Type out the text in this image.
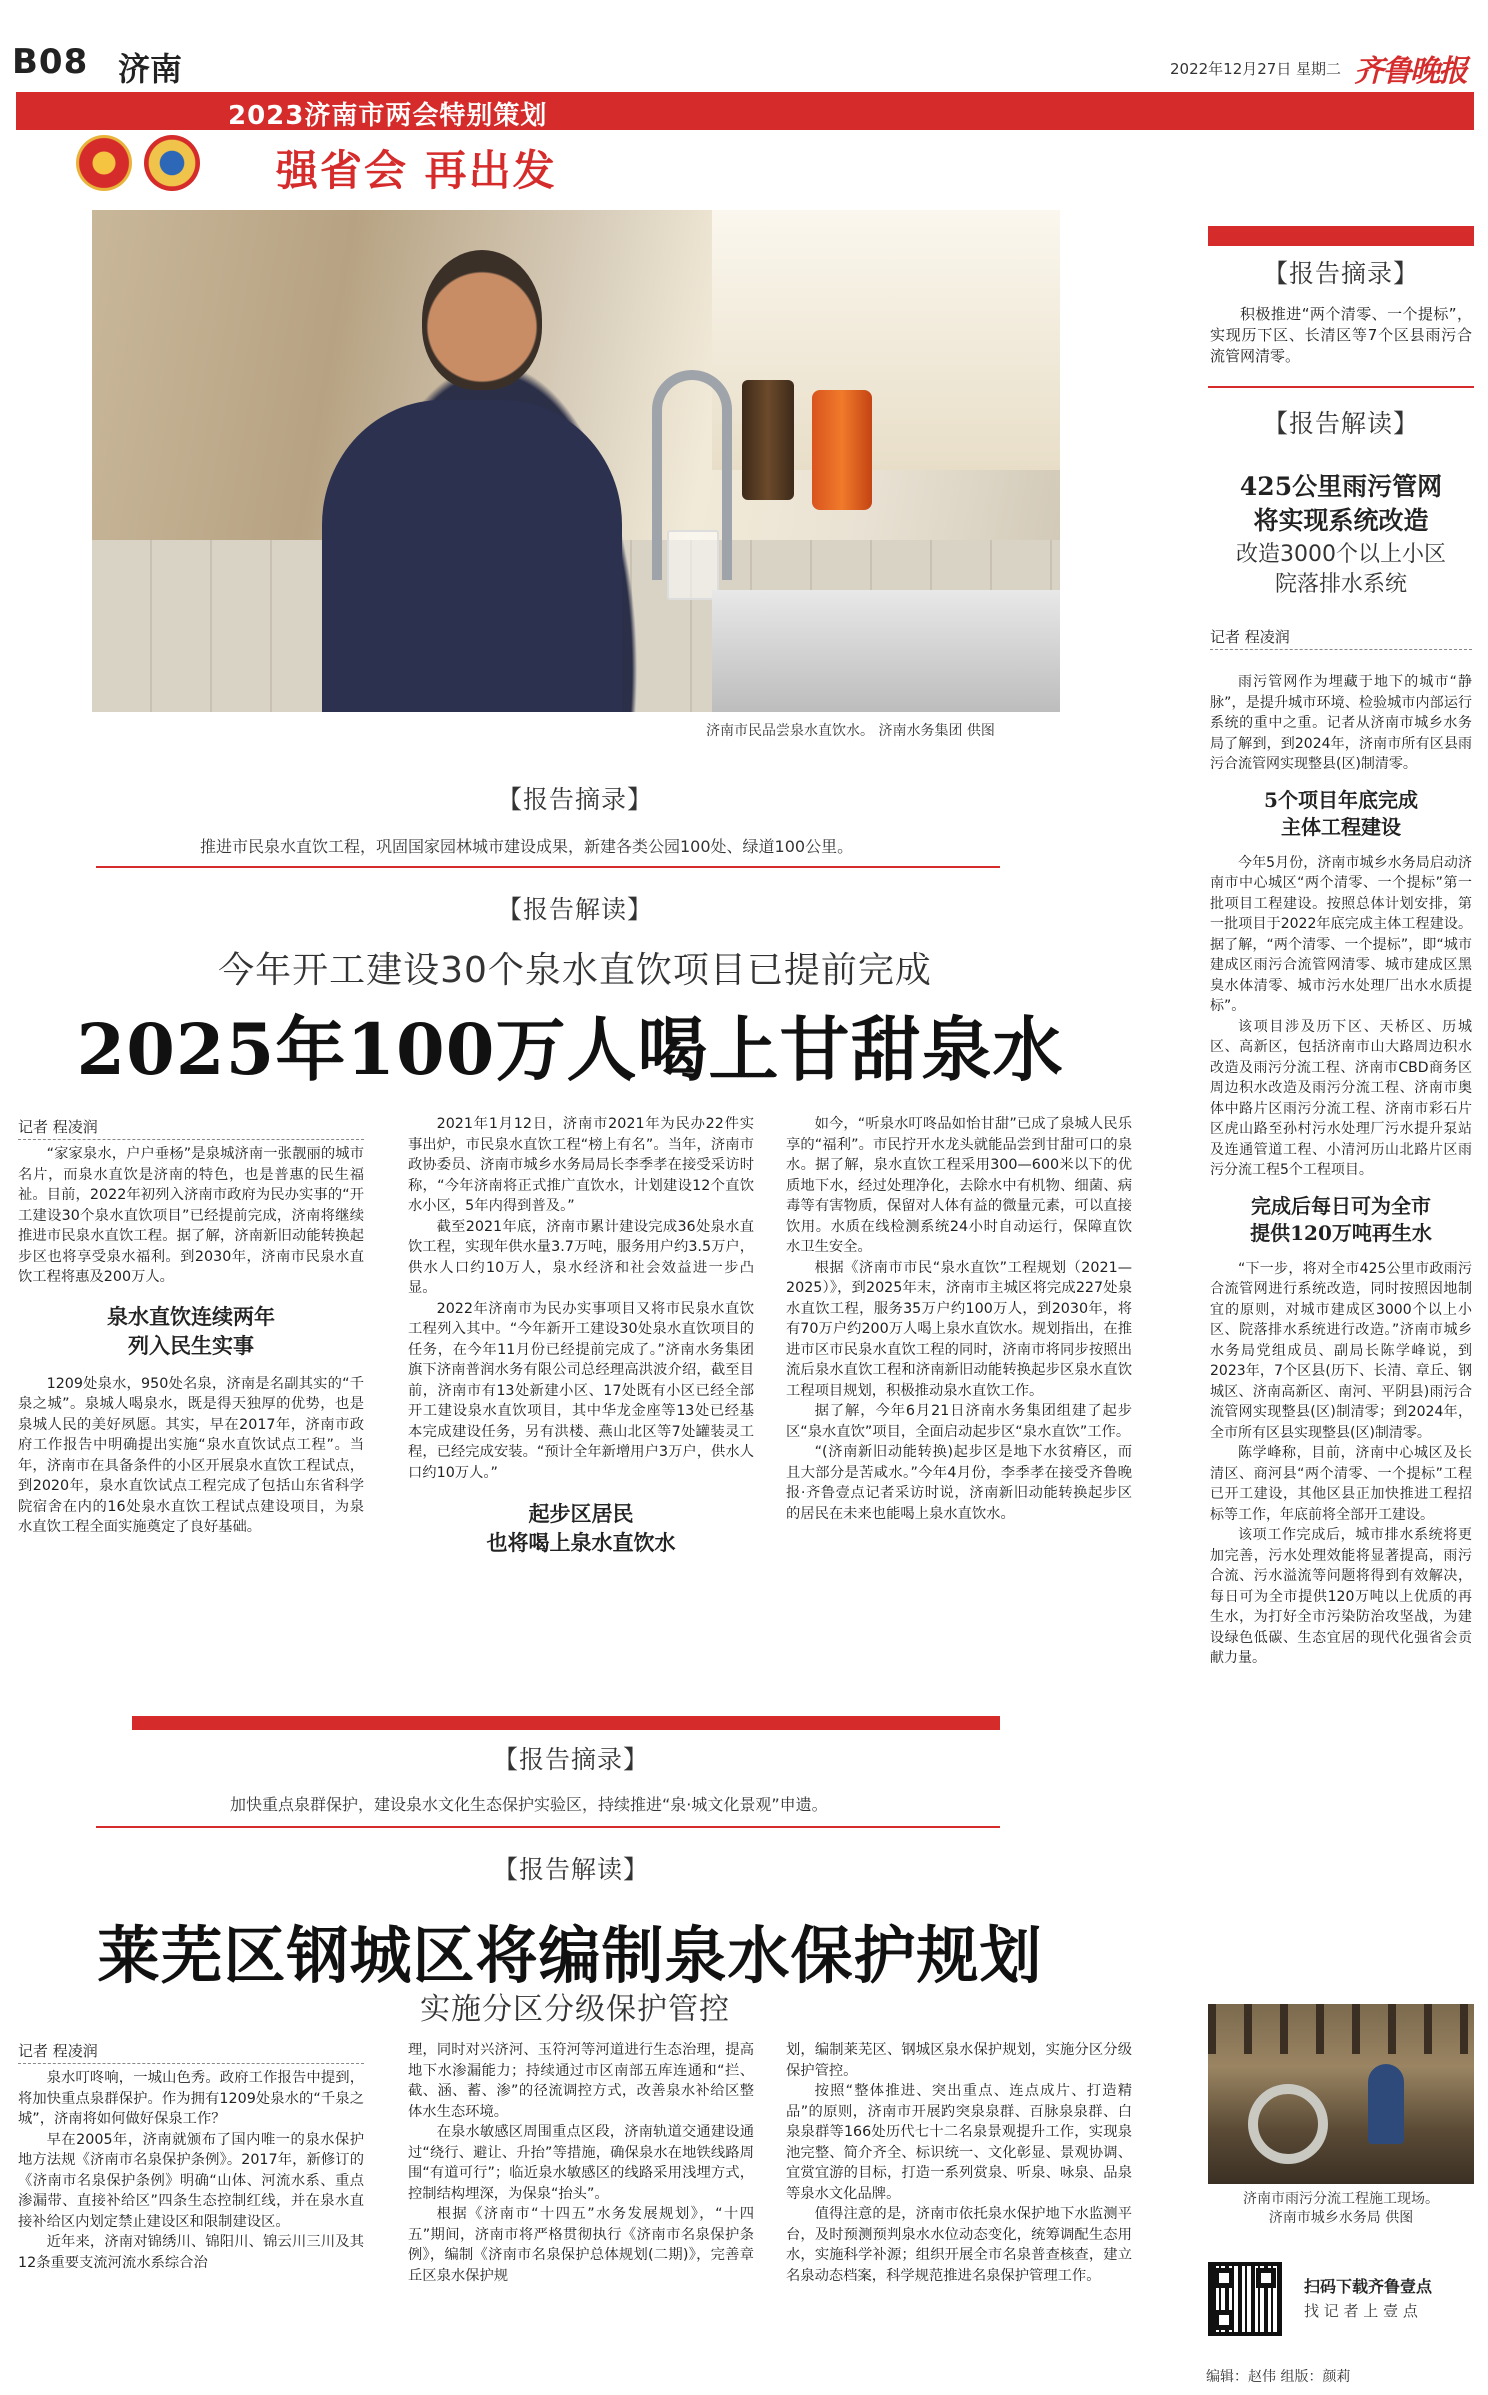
B08 济南	2022年12月27日 星期二 齐鲁晚报
2023济南市两会特别策划
强省会 再出发
济南市民品尝泉水直饮水。 济南水务集团 供图
【报告摘录】
推进市民泉水直饮工程，巩固国家园林城市建设成果，新建各类公园100处、绿道100公里。
【报告解读】
今年开工建设30个泉水直饮项目已提前完成
2025年100万人喝上甘甜泉水
记者 程凌润

“家家泉水，户户垂杨”是泉城济南一张靓丽的城市名片，而泉水直饮是济南的特色，也是普惠的民生福祉。目前，2022年初列入济南市政府为民办实事的“开工建设30个泉水直饮项目”已经提前完成，济南将继续推进市民泉水直饮工程。据了解，济南新旧动能转换起步区也将享受泉水福利。到2030年，济南市民泉水直饮工程将惠及200万人。

泉水直饮连续两年
列入民生实事

1209处泉水，950处名泉，济南是名副其实的“千泉之城”。泉城人喝泉水，既是得天独厚的优势，也是泉城人民的美好夙愿。其实，早在2017年，济南市政府工作报告中明确提出实施“泉水直饮试点工程”。当年，济南市在具备条件的小区开展泉水直饮工程试点，到2020年，泉水直饮试点工程完成了包括山东省科学院宿舍在内的16处泉水直饮工程试点建设项目，为泉水直饮工程全面实施奠定了良好基础。

2021年1月12日，济南市2021年为民办22件实事出炉，市民泉水直饮工程“榜上有名”。当年，济南市政协委员、济南市城乡水务局局长李季孝在接受采访时称，“今年济南将正式推广直饮水，计划建设12个直饮水小区，5年内得到普及。”

截至2021年底，济南市累计建设完成36处泉水直饮工程，实现年供水量3.7万吨，服务用户约3.5万户，供水人口约10万人，泉水经济和社会效益进一步凸显。

2022年济南市为民办实事项目又将市民泉水直饮工程列入其中。“今年新开工建设30处泉水直饮项目的任务，在今年11月份已经提前完成了。”济南水务集团旗下济南普润水务有限公司总经理高洪波介绍，截至目前，济南市有13处新建小区、17处既有小区已经全部开工建设泉水直饮项目，其中华龙金座等13处已经基本完成建设任务，另有洪楼、燕山北区等7处罐装灵工程，已经完成安装。“预计全年新增用户3万户，供水人口约10万人。”

起步区居民
也将喝上泉水直饮水

如今，“听泉水叮咚品如怡甘甜”已成了泉城人民乐享的“福利”。市民拧开水龙头就能品尝到甘甜可口的泉水。据了解，泉水直饮工程采用300—600米以下的优质地下水，经过处理净化，去除水中有机物、细菌、病毒等有害物质，保留对人体有益的微量元素，可以直接饮用。水质在线检测系统24小时自动运行，保障直饮水卫生安全。

根据《济南市市民“泉水直饮”工程规划（2021—2025）》，到2025年末，济南市主城区将完成227处泉水直饮工程，服务35万户约100万人，到2030年，将有70万户约200万人喝上泉水直饮水。规划指出，在推进市区市民泉水直饮工程的同时，济南市将同步按照出流后泉水直饮工程和济南新旧动能转换起步区泉水直饮工程项目规划，积极推动泉水直饮工作。

据了解，今年6月21日济南水务集团组建了起步区“泉水直饮”项目，全面启动起步区“泉水直饮”工作。

“(济南新旧动能转换)起步区是地下水贫瘠区，而且大部分是苦咸水。”今年4月份，李季孝在接受齐鲁晚报·齐鲁壹点记者采访时说，济南新旧动能转换起步区的居民在未来也能喝上泉水直饮水。

【报告摘录】
加快重点泉群保护，建设泉水文化生态保护实验区，持续推进“泉·城文化景观”申遗。
【报告解读】
莱芜区钢城区将编制泉水保护规划
实施分区分级保护管控
记者 程凌润

泉水叮咚响，一城山色秀。政府工作报告中提到，将加快重点泉群保护。作为拥有1209处泉水的“千泉之城”，济南将如何做好保泉工作？

早在2005年，济南就颁布了国内唯一的泉水保护地方法规《济南市名泉保护条例》。2017年，新修订的《济南市名泉保护条例》明确“山体、河流水系、重点渗漏带、直接补给区”四条生态控制红线，并在泉水直接补给区内划定禁止建设区和限制建设区。

近年来，济南对锦绣川、锦阳川、锦云川三川及其12条重要支流河流水系综合治

理，同时对兴济河、玉符河等河道进行生态治理，提高地下水渗漏能力；持续通过市区南部五库连通和“拦、截、涵、蓄、渗”的径流调控方式，改善泉水补给区整体水生态环境。

在泉水敏感区周围重点区段，济南轨道交通建设通过“绕行、避让、升抬”等措施，确保泉水在地铁线路周围“有道可行”；临近泉水敏感区的线路采用浅埋方式，控制结构埋深，为保泉“抬头”。

根据《济南市“十四五”水务发展规划》，“十四五”期间，济南市将严格贯彻执行《济南市名泉保护条例》，编制《济南市名泉保护总体规划(二期)》，完善章丘区泉水保护规

划，编制莱芜区、钢城区泉水保护规划，实施分区分级保护管控。

按照“整体推进、突出重点、连点成片、打造精品”的原则，济南市开展趵突泉泉群、百脉泉泉群、白泉泉群等166处历代七十二名泉景观提升工作，实现泉池完整、简介齐全、标识统一、文化彰显、景观协调、宜赏宜游的目标，打造一系列赏泉、听泉、咏泉、品泉等泉水文化品牌。

值得注意的是，济南市依托泉水保护地下水监测平台，及时预测预判泉水水位动态变化，统筹调配生态用水，实施科学补源；组织开展全市名泉普查核查，建立名泉动态档案，科学规范推进名泉保护管理工作。

【报告摘录】

积极推进“两个清零、一个提标”，实现历下区、长清区等7个区县雨污合流管网清零。

【报告解读】
425公里雨污管网
将实现系统改造
改造3000个以上小区
院落排水系统
记者 程凌润

雨污管网作为埋藏于地下的城市“静脉”，是提升城市环境、检验城市内部运行系统的重中之重。记者从济南市城乡水务局了解到，到2024年，济南市所有区县雨污合流管网实现整县(区)制清零。

5个项目年底完成
主体工程建设

今年5月份，济南市城乡水务局启动济南市中心城区“两个清零、一个提标”第一批项目工程建设。按照总体计划安排，第一批项目于2022年底完成主体工程建设。据了解，“两个清零、一个提标”，即“城市建成区雨污合流管网清零、城市建成区黑臭水体清零、城市污水处理厂出水水质提标”。

该项目涉及历下区、天桥区、历城区、高新区，包括济南市山大路周边积水改造及雨污分流工程、济南市CBD商务区周边积水改造及雨污分流工程、济南市奥体中路片区雨污分流工程、济南市彩石片区虎山路至孙村污水处理厂污水提升泵站及连通管道工程、小清河历山北路片区雨污分流工程5个工程项目。

完成后每日可为全市
提供120万吨再生水

“下一步，将对全市425公里市政雨污合流管网进行系统改造，同时按照因地制宜的原则，对城市建成区3000个以上小区、院落排水系统进行改造。”济南市城乡水务局党组成员、副局长陈学峰说，到2023年，7个区县(历下、长清、章丘、钢城区、济南高新区、南河、平阴县)雨污合流管网实现整县(区)制清零；到2024年，全市所有区县实现整县(区)制清零。

陈学峰称，目前，济南中心城区及长清区、商河县“两个清零、一个提标”工程已开工建设，其他区县正加快推进工程招标等工作，年底前将全部开工建设。

该项工作完成后，城市排水系统将更加完善，污水处理效能将显著提高，雨污合流、污水溢流等问题将得到有效解决，每日可为全市提供120万吨以上优质的再生水，为打好全市污染防治攻坚战，为建设绿色低碳、生态宜居的现代化强省会贡献力量。

济南市雨污分流工程施工现场。
济南市城乡水务局 供图
扫码下载齐鲁壹点
找 记 者 上 壹 点
编辑：赵伟 组版：颜莉
